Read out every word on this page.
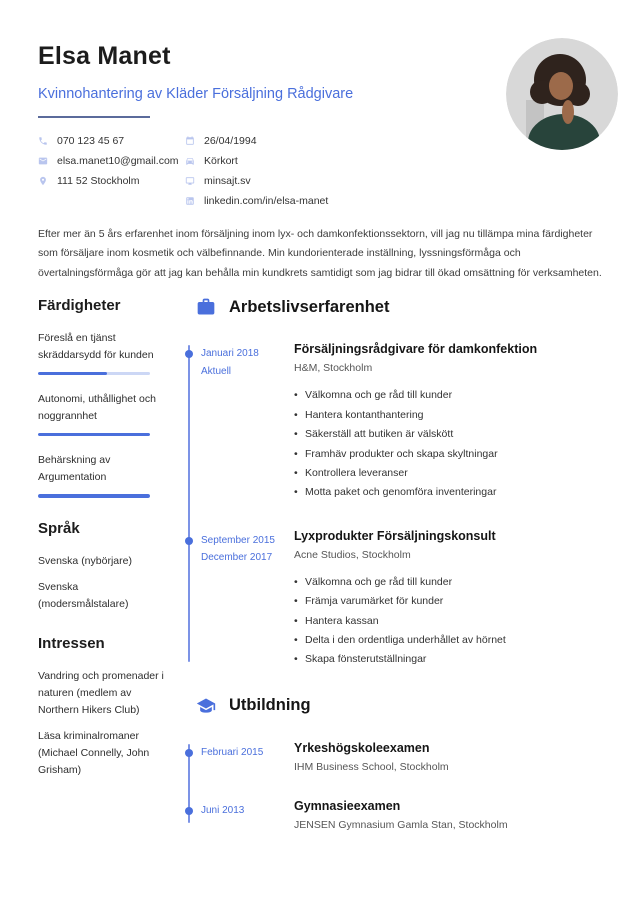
Elsa Manet
Kvinnohantering av Kläder Försäljning Rådgivare
070 123 45 67
elsa.manet10@gmail.com
111 52 Stockholm
26/04/1994
Körkort
minsajt.sv
linkedin.com/in/elsa-manet

Efter mer än 5 års erfarenhet inom försäljning inom lyx- och damkonfektionssektorn, vill jag nu tillämpa mina färdigheter som försäljare inom kosmetik och välbefinnande. Min kundorienterade inställning, lyssningsförmåga och övertalningsförmåga gör att jag kan behålla min kundkrets samtidigt som jag bidrar till ökad omsättning för verksamheten.

Färdigheter
Föreslå en tjänst skräddarsydd för kunden
Autonomi, uthållighet och noggrannhet
Behärskning av Argumentation
Språk
Svenska (nybörjare)
Svenska (modersmålstalare)
Intressen
Vandring och promenader i naturen (medlem av Northern Hikers Club)
Läsa kriminalromaner (Michael Connelly, John Grisham)
Arbetslivserfarenhet
Januari 2018
Aktuell
Försäljningsrådgivare för damkonfektion
H&M, Stockholm
• Välkomna och ge råd till kunder
• Hantera kontanthantering
• Säkerställ att butiken är välskött
• Framhäv produkter och skapa skyltningar
• Kontrollera leveranser
• Motta paket och genomföra inventeringar
September 2015
December 2017
Lyxprodukter Försäljningskonsult
Acne Studios, Stockholm
• Välkomna och ge råd till kunder
• Främja varumärket för kunder
• Hantera kassan
• Delta i den ordentliga underhållet av hörnet
• Skapa fönsterutställningar
Utbildning
Februari 2015	Yrkeshögskoleexamen
IHM Business School, Stockholm
Juni 2013	Gymnasieexamen
JENSEN Gymnasium Gamla Stan, Stockholm
